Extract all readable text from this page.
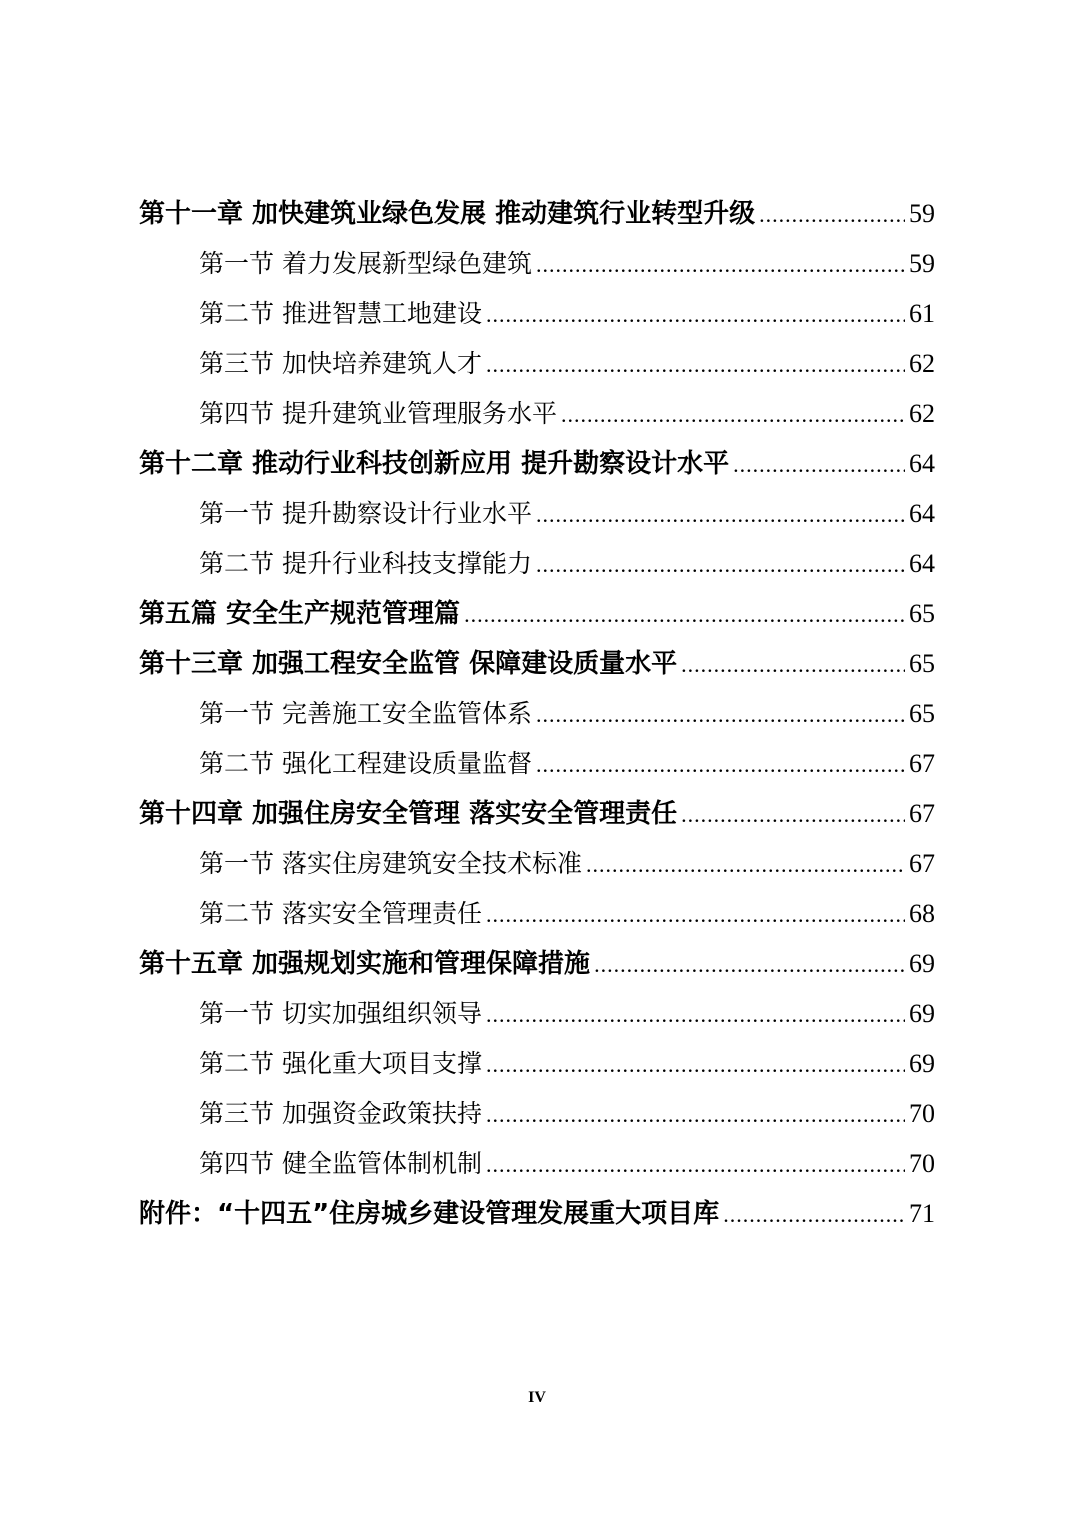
第十一章 加快建筑业绿色发展 推动建筑行业转型升级 .....	59
第一节 着力发展新型绿色建筑 .....	59
第二节 推进智慧工地建设 .....	61
第三节 加快培养建筑人才 .....	62
第四节 提升建筑业管理服务水平 .....	62
第十二章 推动行业科技创新应用 提升勘察设计水平 .....	64
第一节 提升勘察设计行业水平 .....	64
第二节 提升行业科技支撑能力 .....	64
第五篇 安全生产规范管理篇 .....	65
第十三章 加强工程安全监管 保障建设质量水平 .....	65
第一节 完善施工安全监管体系 .....	65
第二节 强化工程建设质量监督 .....	67
第十四章 加强住房安全管理 落实安全管理责任 .....	67
第一节 落实住房建筑安全技术标准 .....	67
第二节 落实安全管理责任 .....	68
第十五章 加强规划实施和管理保障措施 .....	69
第一节 切实加强组织领导 .....	69
第二节 强化重大项目支撑 .....	69
第三节 加强资金政策扶持 .....	70
第四节 健全监管体制机制 .....	70
附件：“十四五”住房城乡建设管理发展重大项目库 .....	71
IV
